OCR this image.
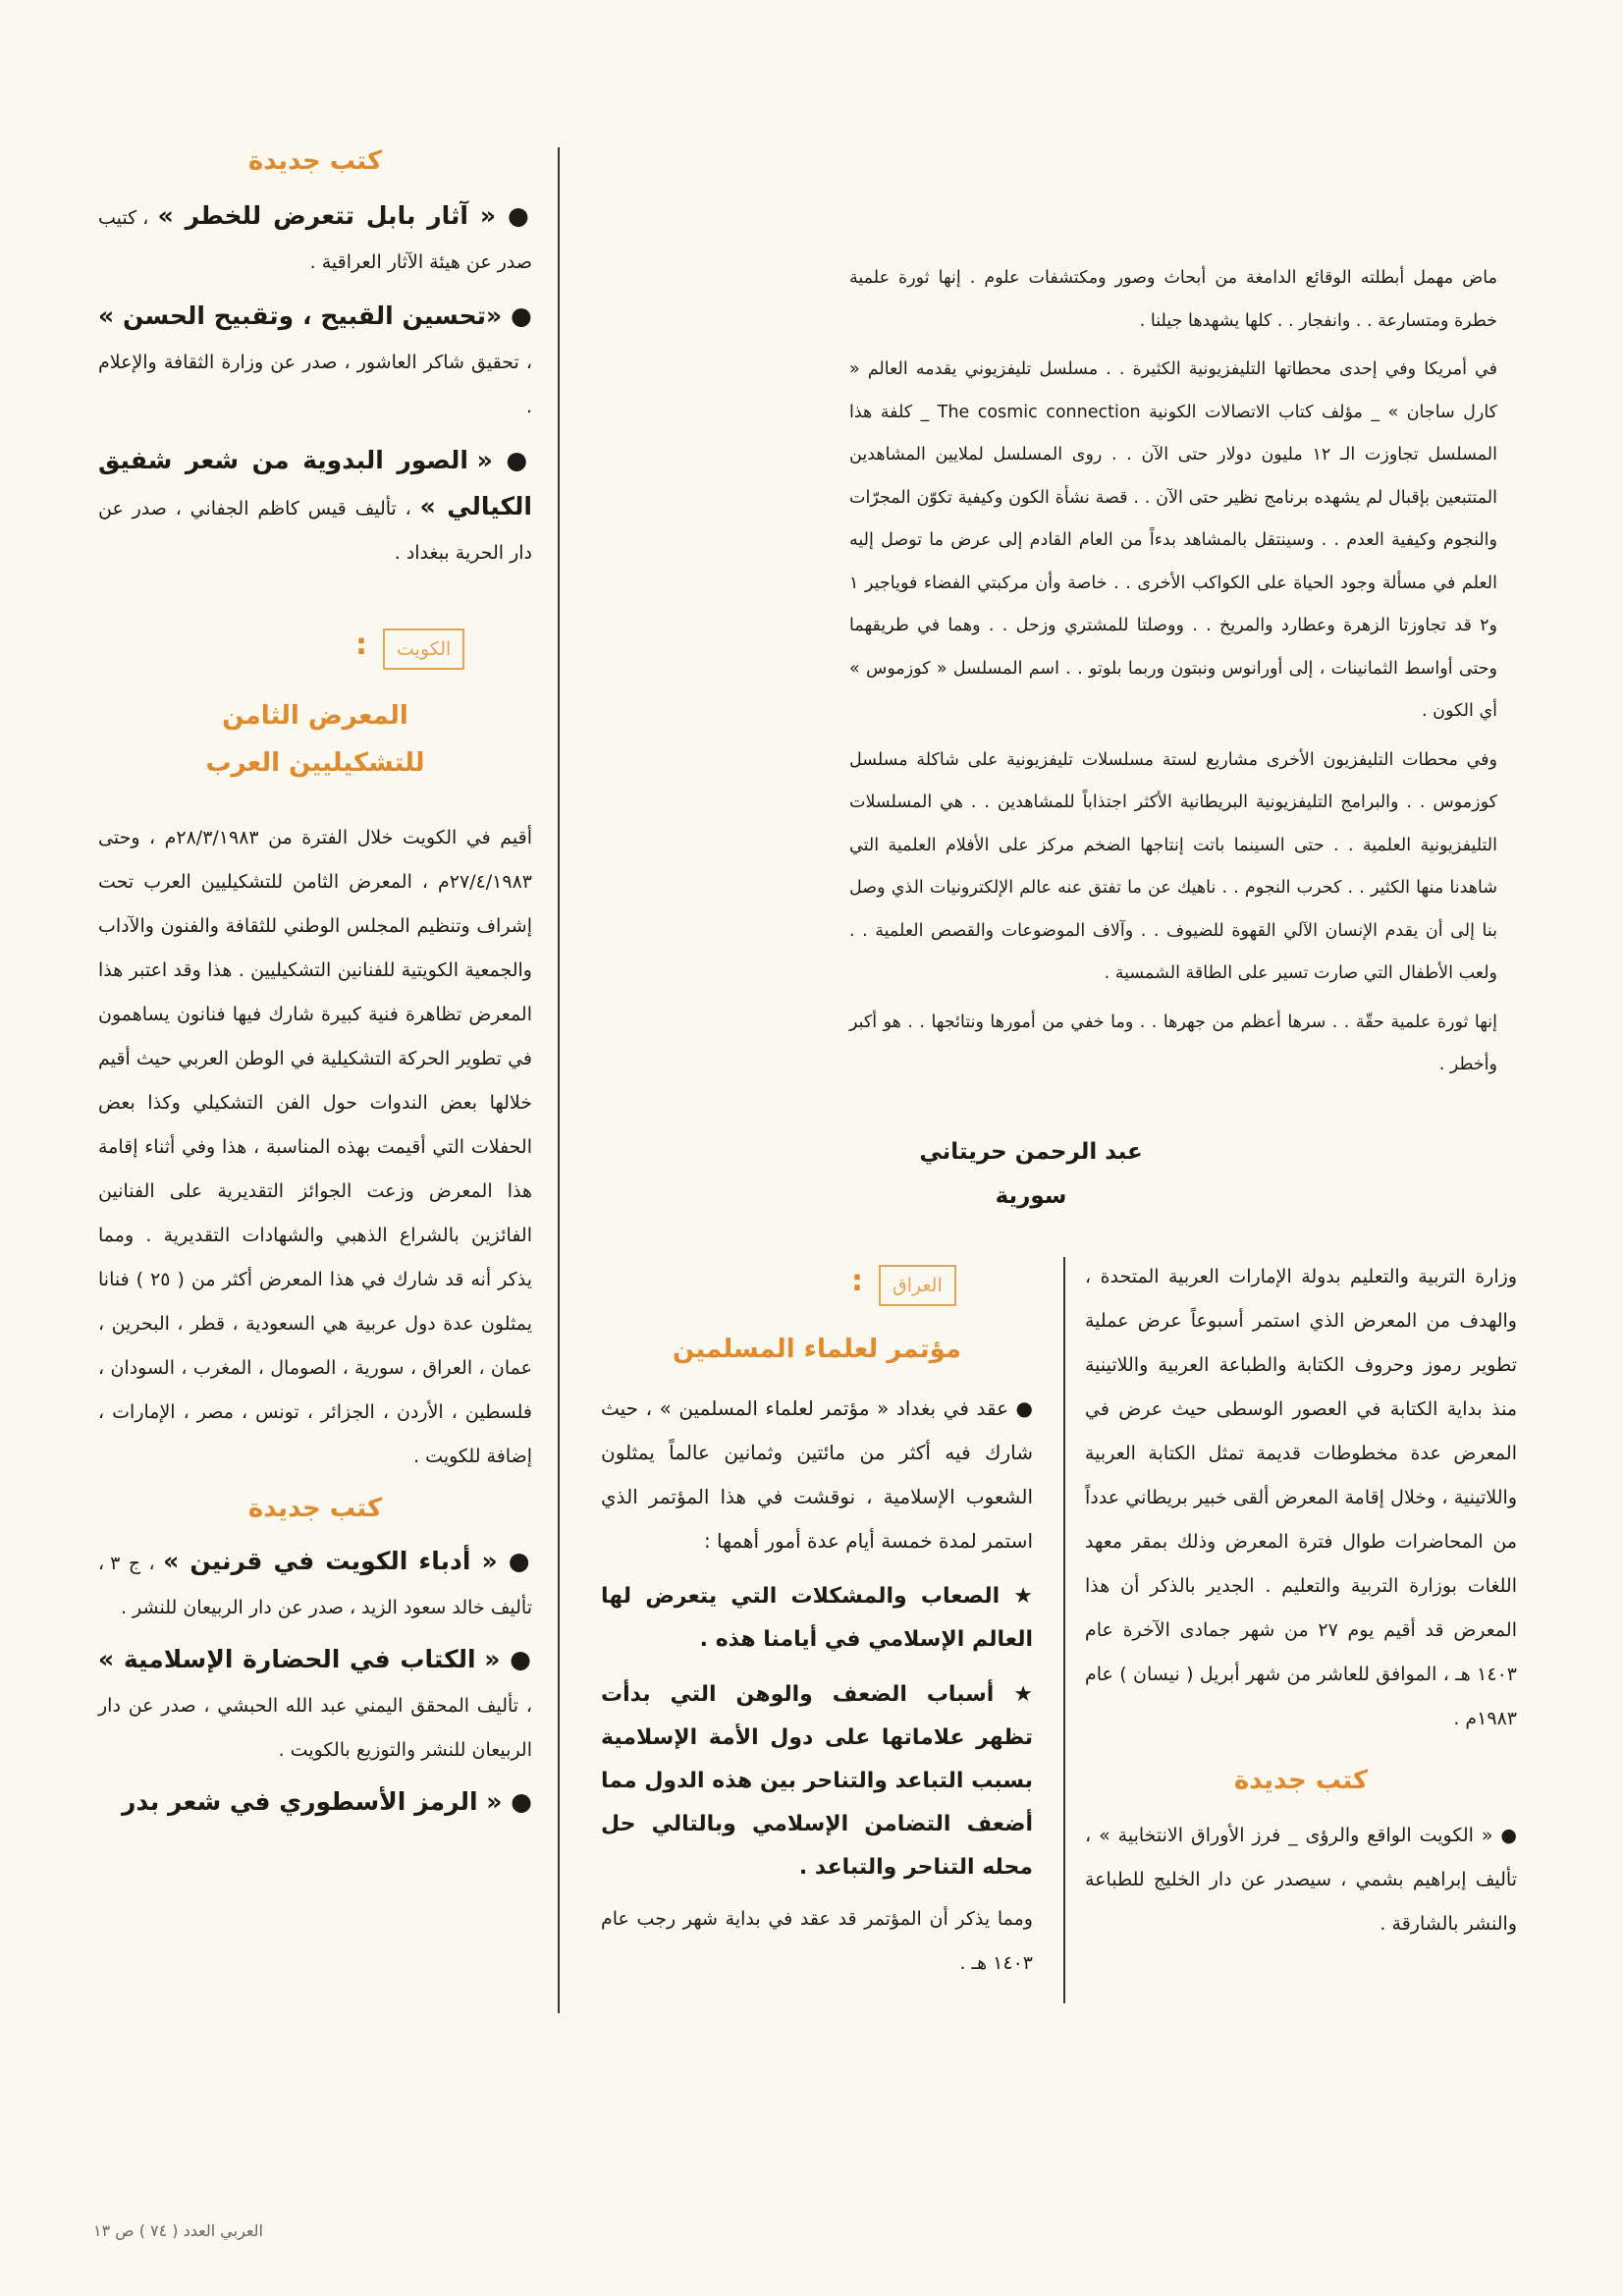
كتب جديدة

● « آثار بابل تتعرض للخطر » ، كتيب صدر عن هيئة الآثار العراقية .

● «تحسين القبيح ، وتقبيح الحسن » ، تحقيق شاكر العاشور ، صدر عن وزارة الثقافة والإعلام .

● « الصور البدوية من شعر شفيق الكيالي » ، تأليف قيس كاظم الجفاني ، صدر عن دار الحرية ببغداد .

الكويت
:
المعرض الثامن
للتشكيليين العرب

أقيم في الكويت خلال الفترة من ٢٨/٣/١٩٨٣م ، وحتى ٢٧/٤/١٩٨٣م ، المعرض الثامن للتشكيليين العرب تحت إشراف وتنظيم المجلس الوطني للثقافة والفنون والآداب والجمعية الكويتية للفنانين التشكيليين . هذا وقد اعتبر هذا المعرض تظاهرة فنية كبيرة شارك فيها فنانون يساهمون في تطوير الحركة التشكيلية في الوطن العربي حيث أقيم خلالها بعض الندوات حول الفن التشكيلي وكذا بعض الحفلات التي أقيمت بهذه المناسبة ، هذا وفي أثناء إقامة هذا المعرض وزعت الجوائز التقديرية على الفنانين الفائزين بالشراع الذهبي والشهادات التقديرية . ومما يذكر أنه قد شارك في هذا المعرض أكثر من ( ٢٥ ) فنانا يمثلون عدة دول عربية هي السعودية ، قطر ، البحرين ، عمان ، العراق ، سورية ، الصومال ، المغرب ، السودان ، فلسطين ، الأردن ، الجزائر ، تونس ، مصر ، الإمارات ، إضافة للكويت .

كتب جديدة

● « أدباء الكويت في قرنين » ، ج ٣ ، تأليف خالد سعود الزيد ، صدر عن دار الربيعان للنشر .

● « الكتاب في الحضارة الإسلامية » ، تأليف المحقق اليمني عبد الله الحبشي ، صدر عن دار الربيعان للنشر والتوزيع بالكويت .

● « الرمز الأسطوري في شعر بدر

ماض مهمل أبطلته الوقائع الدامغة من أبحاث وصور ومكتشفات علوم . إنها ثورة علمية خطرة ومتسارعة . . وانفجار . . كلها يشهدها جيلنا .

في أمريكا وفي إحدى محطاتها التليفزيونية الكثيرة . . مسلسل تليفزيوني يقدمه العالم « كارل ساجان » _ مؤلف كتاب الاتصالات الكونية The cosmic connection _ كلفة هذا المسلسل تجاوزت الـ ١٢ مليون دولار حتى الآن . . روى المسلسل لملايين المشاهدين المتتبعين بإقبال لم يشهده برنامج نظير حتى الآن . . قصة نشأة الكون وكيفية تكوّن المجرّات والنجوم وكيفية العدم . . وسينتقل بالمشاهد بدءاً من العام القادم إلى عرض ما توصل إليه العلم في مسألة وجود الحياة على الكواكب الأخرى . . خاصة وأن مركبتي الفضاء فوياجير ١ و٢ قد تجاوزتا الزهرة وعطارد والمريخ . . ووصلتا للمشتري وزحل . . وهما في طريقهما وحتى أواسط الثمانينات ، إلى أورانوس ونبتون وربما بلوتو . . اسم المسلسل « كوزموس » أي الكون .

وفي محطات التليفزيون الأخرى مشاريع لستة مسلسلات تليفزيونية على شاكلة مسلسل كوزموس . . والبرامج التليفزيونية البريطانية الأكثر اجتذاباً للمشاهدين . . هي المسلسلات التليفزيونية العلمية . . حتى السينما باتت إنتاجها الضخم مركز على الأفلام العلمية التي شاهدنا منها الكثير . . كحرب النجوم . . ناهيك عن ما تفتق عنه عالم الإلكترونيات الذي وصل بنا إلى أن يقدم الإنسان الآلي القهوة للضيوف . . وآلاف الموضوعات والقصص العلمية . . ولعب الأطفال التي صارت تسير على الطاقة الشمسية .

إنها ثورة علمية حقّة . . سرها أعظم من جهرها . . وما خفي من أمورها ونتائجها . . هو أكبر وأخطر .

عبد الرحمن حريتاني
سورية
العراق
:
مؤتمر لعلماء المسلمين

● عقد في بغداد « مؤتمر لعلماء المسلمين » ، حيث شارك فيه أكثر من مائتين وثمانين عالماً يمثلون الشعوب الإسلامية ، نوقشت في هذا المؤتمر الذي استمر لمدة خمسة أيام عدة أمور أهمها :

★ الصعاب والمشكلات التي يتعرض لها العالم الإسلامي في أيامنا هذه .

★ أسباب الضعف والوهن التي بدأت تظهر علاماتها على دول الأمة الإسلامية بسبب التباعد والتناحر بين هذه الدول مما أضعف التضامن الإسلامي وبالتالي حل محله التناحر والتباعد .

ومما يذكر أن المؤتمر قد عقد في بداية شهر رجب عام ١٤٠٣ هـ .

وزارة التربية والتعليم بدولة الإمارات العربية المتحدة ، والهدف من المعرض الذي استمر أسبوعاً عرض عملية تطوير رموز وحروف الكتابة والطباعة العربية واللاتينية منذ بداية الكتابة في العصور الوسطى حيث عرض في المعرض عدة مخطوطات قديمة تمثل الكتابة العربية واللاتينية ، وخلال إقامة المعرض ألقى خبير بريطاني عدداً من المحاضرات طوال فترة المعرض وذلك بمقر معهد اللغات بوزارة التربية والتعليم . الجدير بالذكر أن هذا المعرض قد أقيم يوم ٢٧ من شهر جمادى الآخرة عام ١٤٠٣ هـ ، الموافق للعاشر من شهر أبريل ( نيسان ) عام ١٩٨٣م .

كتب جديدة

● « الكويت الواقع والرؤى _ فرز الأوراق الانتخابية » ، تأليف إبراهيم بشمي ، سيصدر عن دار الخليج للطباعة والنشر بالشارقة .

العربي العدد ( ٧٤ ) ص ١٣
